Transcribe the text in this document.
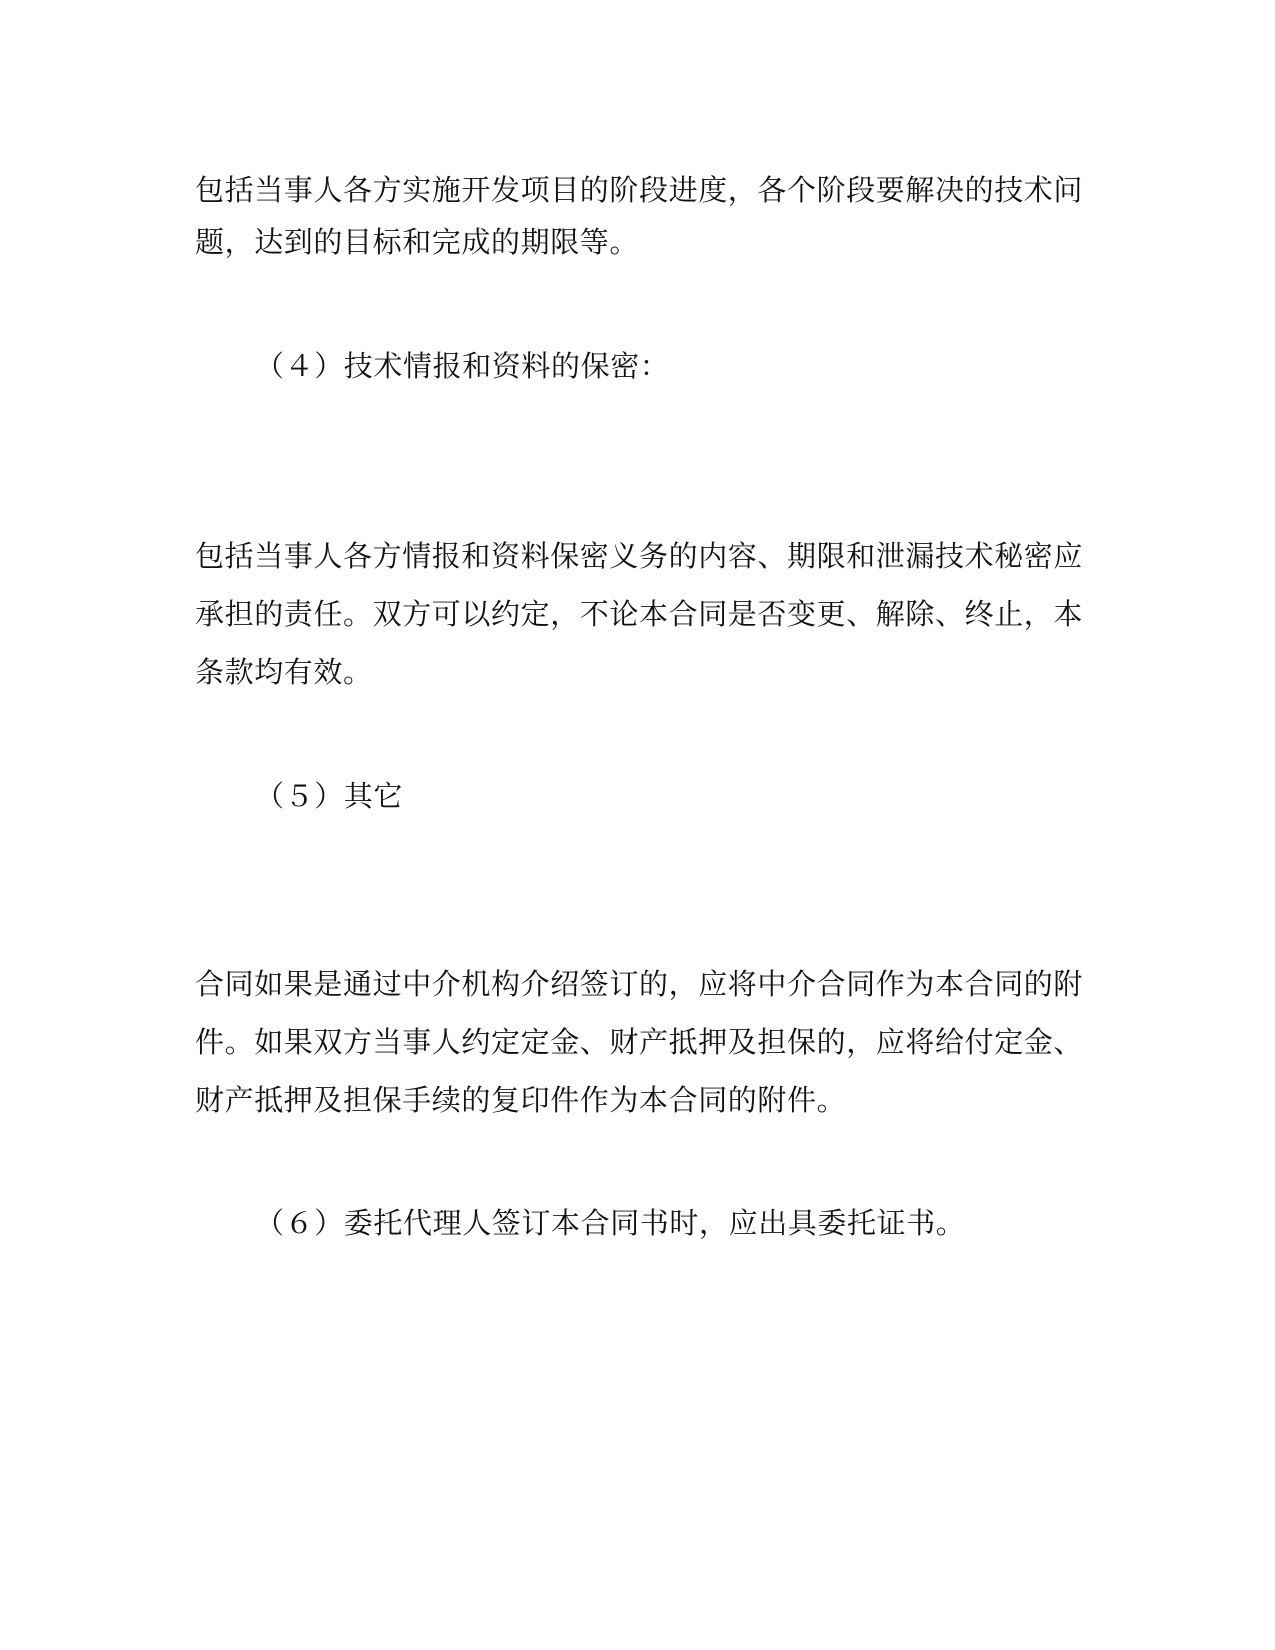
包括当事人各方实施开发项目的阶段进度，各个阶段要解决的技术问
题，达到的目标和完成的期限等。
（４）技术情报和资料的保密：
包括当事人各方情报和资料保密义务的内容、期限和泄漏技术秘密应
承担的责任。双方可以约定，不论本合同是否变更、解除、终止，本
条款均有效。
（５）其它
合同如果是通过中介机构介绍签订的，应将中介合同作为本合同的附
件。如果双方当事人约定定金、财产抵押及担保的，应将给付定金、
财产抵押及担保手续的复印件作为本合同的附件。
（６）委托代理人签订本合同书时，应出具委托证书。
